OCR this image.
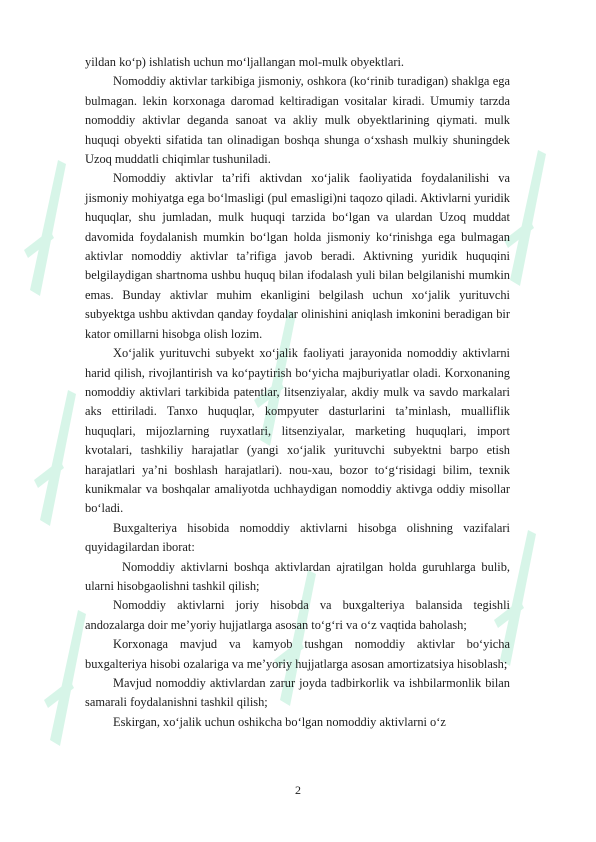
yildan ko‘p) ishlatish uchun mo‘ljallangan mol-mulk obyektlari.

Nomoddiy aktivlar tarkibiga jismoniy, oshkora (ko‘rinib turadigan) shaklga ega bulmagan. lekin korxonaga daromad keltiradigan vositalar kiradi. Umumiy tarzda nomoddiy aktivlar deganda sanoat va akliy mulk obyektlarining qiymati. mulk huquqi obyekti sifatida tan olinadigan boshqa shunga o‘xshash mulkiy shuningdek Uzoq muddatli chiqimlar tushuniladi.

Nomoddiy aktivlar ta’rifi aktivdan xo‘jalik faoliyatida foydalanilishi va jismoniy mohiyatga ega bo‘lmasligi (pul emasligi)ni taqozo qiladi. Aktivlarni yuridik huquqlar, shu jumladan, mulk huquqi tarzida bo‘lgan va ulardan Uzoq muddat davomida foydalanish mumkin bo‘lgan holda jismoniy ko‘rinishga ega bulmagan aktivlar nomoddiy aktivlar ta’rifiga javob beradi. Aktivning yuridik huquqini belgilaydigan shartnoma ushbu huquq bilan ifodalash yuli bilan belgilanishi mumkin emas. Bunday aktivlar muhim ekanligini belgilash uchun xo‘jalik yurituvchi subyektga ushbu aktivdan qanday foydalar olinishini aniqlash imkonini beradigan bir kator omillarni hisobga olish lozim.

Xo‘jalik yurituvchi subyekt xo‘jalik faoliyati jarayonida nomoddiy aktivlarni harid qilish, rivojlantirish va ko‘paytirish bo‘yicha majburiyatlar oladi. Korxonaning nomoddiy aktivlari tarkibida patentlar, litsenziyalar, akdiy mulk va savdo markalari aks ettiriladi. Tanxo huquqlar, kompyuter dasturlarini ta’minlash, mualliflik huquqlari, mijozlarning ruyxatlari, litsenziyalar, marketing huquqlari, import kvotalari, tashkiliy harajatlar (yangi xo‘jalik yurituvchi subyektni barpo etish harajatlari ya’ni boshlash harajatlari). nou-xau, bozor to‘g‘risidagi bilim, texnik kunikmalar va boshqalar amaliyotda uchhaydigan nomoddiy aktivga oddiy misollar bo‘ladi.

Buxgalteriya hisobida nomoddiy aktivlarni hisobga olishning vazifalari quyidagilardan iborat:

Nomoddiy aktivlarni boshqa aktivlardan ajratilgan holda guruhlarga bulib, ularni hisobgaolishni tashkil qilish;

Nomoddiy aktivlarni joriy hisobda va buxgalteriya balansida tegishli andozalarga doir me’yoriy hujjatlarga asosan to‘g‘ri va o‘z vaqtida baholash;

Korxonaga mavjud va kamyob tushgan nomoddiy aktivlar bo‘yicha buxgalteriya hisobi ozalariga va me’yoriy hujjatlarga asosan amortizatsiya hisoblash;

Mavjud nomoddiy aktivlardan zarur joyda tadbirkorlik va ishbilarmonlik bilan samarali foydalanishni tashkil qilish;

Eskirgan, xo‘jalik uchun oshikcha bo‘lgan nomoddiy aktivlarni o‘z

2
